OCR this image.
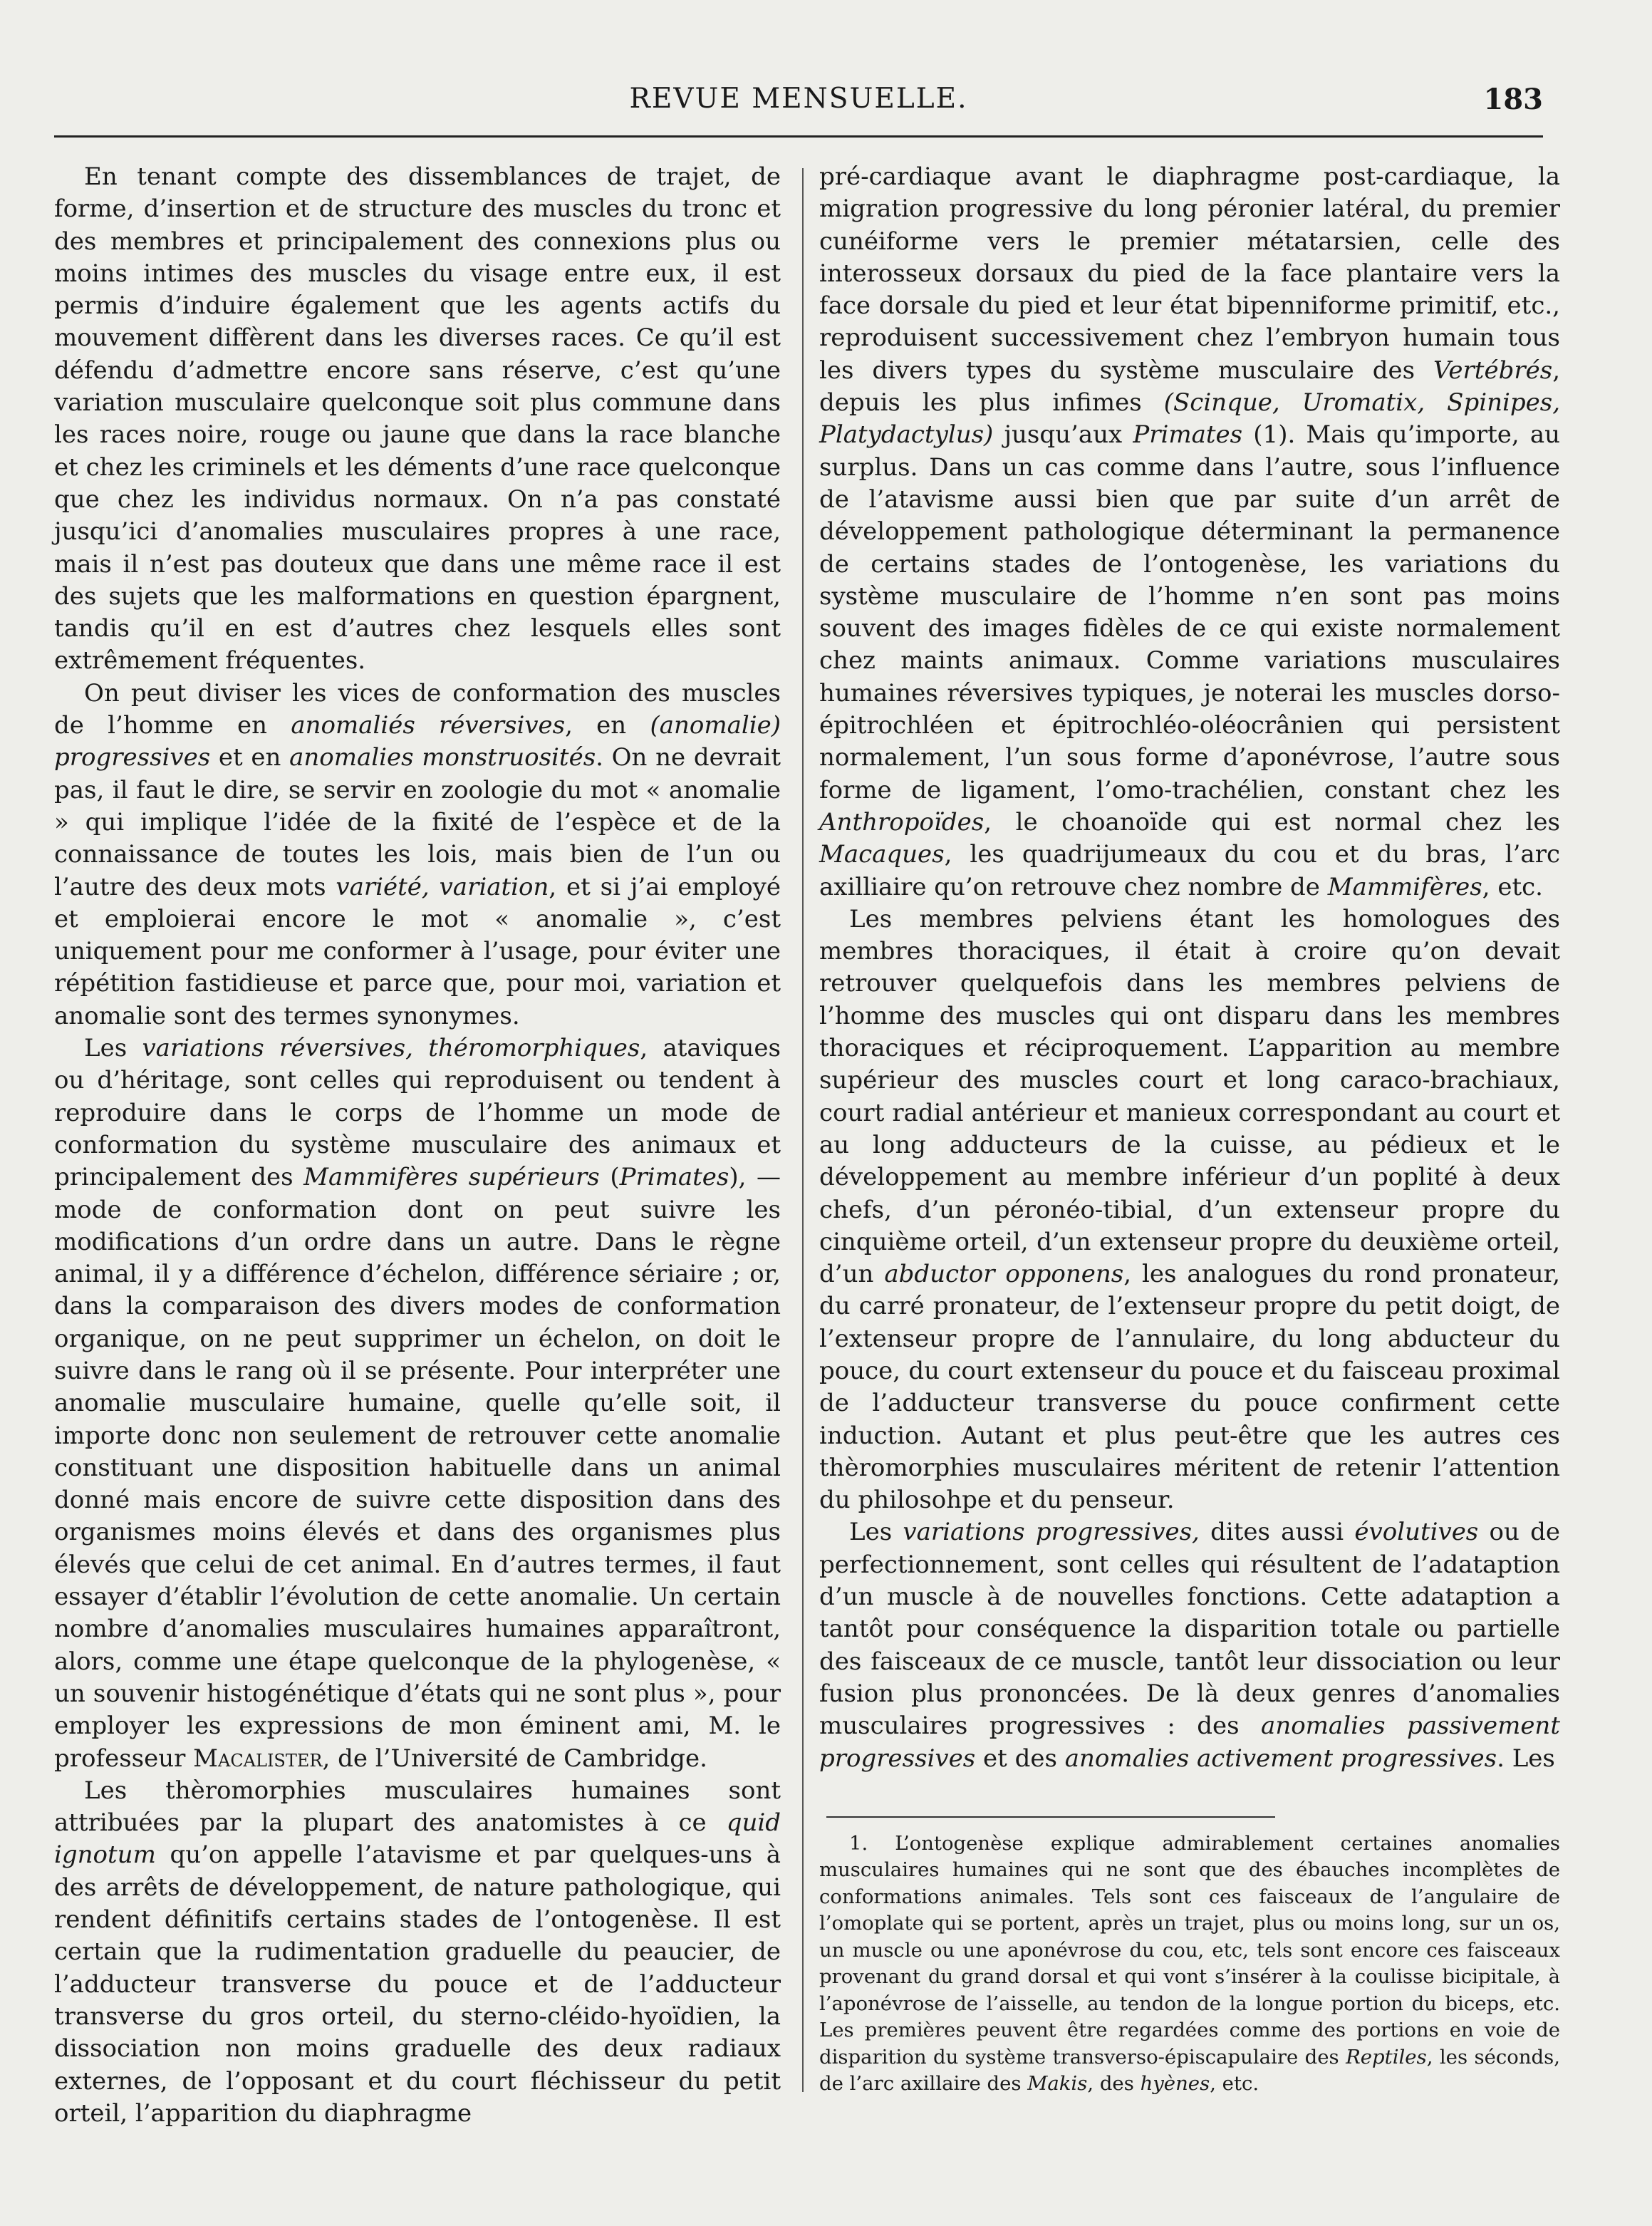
REVUE MENSUELLE.	183

En tenant compte des dissemblances de trajet, de forme, d’insertion et de structure des muscles du tronc et des membres et principalement des connexions plus ou moins intimes des muscles du visage entre eux, il est permis d’induire également que les agents actifs du mouvement diffèrent dans les diverses races. Ce qu’il est défendu d’admettre encore sans réserve, c’est qu’une variation musculaire quelconque soit plus commune dans les races noire, rouge ou jaune que dans la race blanche et chez les criminels et les déments d’une race quelconque que chez les individus normaux. On n’a pas constaté jusqu’ici d’anomalies musculaires propres à une race, mais il n’est pas douteux que dans une même race il est des sujets que les malformations en question épargnent, tandis qu’il en est d’autres chez lesquels elles sont extrêmement fréquentes.

On peut diviser les vices de conformation des muscles de l’homme en anomaliés réversives, en (anomalie) progressives et en anomalies monstruosités. On ne devrait pas, il faut le dire, se servir en zoologie du mot « anomalie » qui implique l’idée de la fixité de l’espèce et de la connaissance de toutes les lois, mais bien de l’un ou l’autre des deux mots variété, variation, et si j’ai employé et emploierai encore le mot « anomalie », c’est uniquement pour me conformer à l’usage, pour éviter une répétition fastidieuse et parce que, pour moi, variation et anomalie sont des termes synonymes.

Les variations réversives, théromorphiques, ataviques ou d’héritage, sont celles qui reproduisent ou tendent à reproduire dans le corps de l’homme un mode de conformation du système musculaire des animaux et principalement des Mammifères supérieurs (Primates), — mode de conformation dont on peut suivre les modifications d’un ordre dans un autre. Dans le règne animal, il y a différence d’échelon, différence sériaire ; or, dans la comparaison des divers modes de conformation organique, on ne peut supprimer un échelon, on doit le suivre dans le rang où il se présente. Pour interpréter une anomalie musculaire humaine, quelle qu’elle soit, il importe donc non seulement de retrouver cette anomalie constituant une disposition habituelle dans un animal donné mais encore de suivre cette disposition dans des organismes moins élevés et dans des organismes plus élevés que celui de cet animal. En d’autres termes, il faut essayer d’établir l’évolution de cette anomalie. Un certain nombre d’anomalies musculaires humaines apparaîtront, alors, comme une étape quelconque de la phylogenèse, « un souvenir histogénétique d’états qui ne sont plus », pour employer les expressions de mon éminent ami, M. le professeur Macalister, de l’Université de Cambridge.

Les thèromorphies musculaires humaines sont attribuées par la plupart des anatomistes à ce quid ignotum qu’on appelle l’atavisme et par quelques-uns à des arrêts de développement, de nature pathologique, qui rendent définitifs certains stades de l’ontogenèse. Il est certain que la rudimentation graduelle du peaucier, de l’adducteur transverse du pouce et de l’adducteur transverse du gros orteil, du sterno-cléido-hyoïdien, la dissociation non moins graduelle des deux radiaux externes, de l’opposant et du court fléchisseur du petit orteil, l’apparition du diaphragme

pré-cardiaque avant le diaphragme post-cardiaque, la migration progressive du long péronier latéral, du premier cunéiforme vers le premier métatarsien, celle des interosseux dorsaux du pied de la face plantaire vers la face dorsale du pied et leur état bipenniforme primitif, etc., reproduisent successivement chez l’embryon humain tous les divers types du système musculaire des Vertébrés, depuis les plus infimes (Scinque, Uromatix, Spinipes, Platydactylus) jusqu’aux Primates (1). Mais qu’importe, au surplus. Dans un cas comme dans l’autre, sous l’influence de l’atavisme aussi bien que par suite d’un arrêt de développement pathologique déterminant la permanence de certains stades de l’ontogenèse, les variations du système musculaire de l’homme n’en sont pas moins souvent des images fidèles de ce qui existe normalement chez maints animaux. Comme variations musculaires humaines réversives typiques, je noterai les muscles dorso-épitrochléen et épitrochléo-oléocrânien qui persistent normalement, l’un sous forme d’aponévrose, l’autre sous forme de ligament, l’omo-trachélien, constant chez les Anthropoïdes, le choanoïde qui est normal chez les Macaques, les quadrijumeaux du cou et du bras, l’arc axilliaire qu’on retrouve chez nombre de Mammifères, etc.

Les membres pelviens étant les homologues des membres thoraciques, il était à croire qu’on devait retrouver quelquefois dans les membres pelviens de l’homme des muscles qui ont disparu dans les membres thoraciques et réciproquement. L’apparition au membre supérieur des muscles court et long caraco-brachiaux, court radial antérieur et manieux correspondant au court et au long adducteurs de la cuisse, au pédieux et le développement au membre inférieur d’un poplité à deux chefs, d’un péronéo-tibial, d’un extenseur propre du cinquième orteil, d’un extenseur propre du deuxième orteil, d’un abductor opponens, les analogues du rond pronateur, du carré pronateur, de l’extenseur propre du petit doigt, de l’extenseur propre de l’annulaire, du long abducteur du pouce, du court extenseur du pouce et du faisceau proximal de l’adducteur transverse du pouce confirment cette induction. Autant et plus peut-être que les autres ces thèromorphies musculaires méritent de retenir l’attention du philosohpe et du penseur.

Les variations progressives, dites aussi évolutives ou de perfectionnement, sont celles qui résultent de l’adataption d’un muscle à de nouvelles fonctions. Cette adataption a tantôt pour conséquence la disparition totale ou partielle des faisceaux de ce muscle, tantôt leur dissociation ou leur fusion plus prononcées. De là deux genres d’anomalies musculaires progressives : des anomalies passivement progressives et des anomalies activement progressives. Les

1. L’ontogenèse explique admirablement certaines anomalies musculaires humaines qui ne sont que des ébauches incomplètes de conformations animales. Tels sont ces faisceaux de l’angulaire de l’omoplate qui se portent, après un trajet, plus ou moins long, sur un os, un muscle ou une aponévrose du cou, etc, tels sont encore ces faisceaux provenant du grand dorsal et qui vont s’insérer à la coulisse bicipitale, à l’aponévrose de l’aisselle, au tendon de la longue portion du biceps, etc. Les premières peuvent être regardées comme des portions en voie de disparition du système transverso-épiscapulaire des Reptiles, les séconds, de l’arc axillaire des Makis, des hyènes, etc.
